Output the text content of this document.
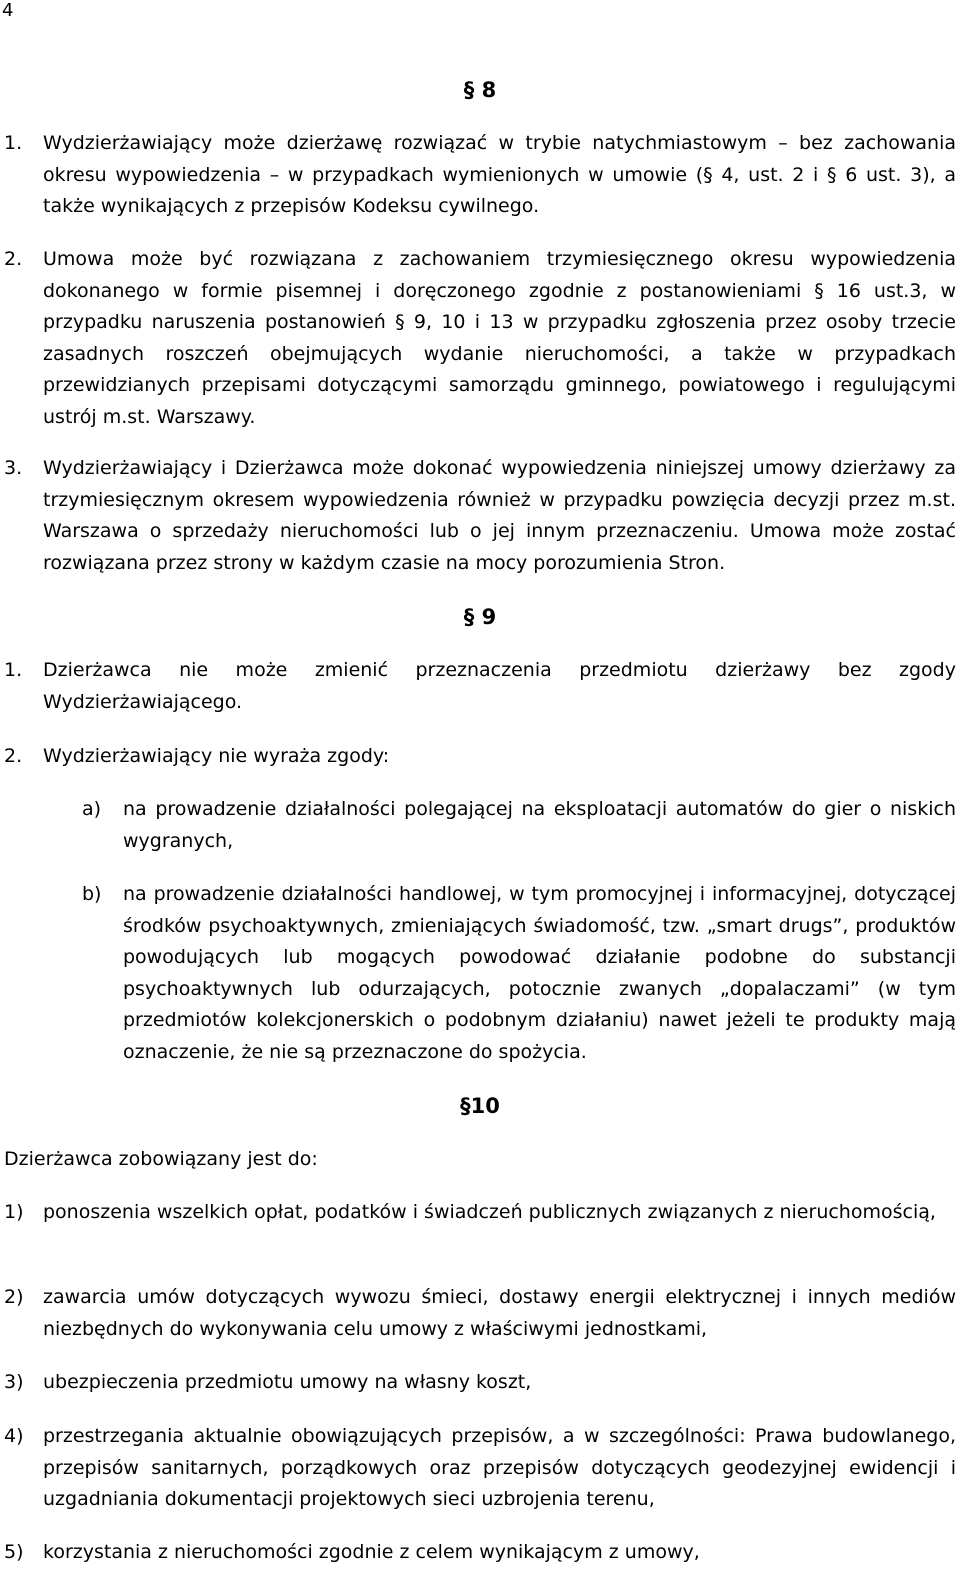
4
§ 8
1. Wydzierżawiający może dzierżawę rozwiązać w trybie natychmiastowym – bez zachowania okresu wypowiedzenia – w przypadkach wymienionych w umowie (§ 4, ust. 2 i § 6 ust. 3), a także wynikających z przepisów Kodeksu cywilnego.
2. Umowa może być rozwiązana z zachowaniem trzymiesięcznego okresu wypowiedzenia dokonanego w formie pisemnej i doręczonego zgodnie z postanowieniami § 16 ust.3, w przypadku naruszenia postanowień § 9, 10 i 13 w przypadku zgłoszenia przez osoby trzecie zasadnych roszczeń obejmujących wydanie nieruchomości, a także w przypadkach przewidzianych przepisami dotyczącymi samorządu gminnego, powiatowego i regulującymi ustrój m.st. Warszawy.
3. Wydzierżawiający i Dzierżawca może dokonać wypowiedzenia niniejszej umowy dzierżawy za trzymiesięcznym okresem wypowiedzenia również w przypadku powzięcia decyzji przez m.st. Warszawa o sprzedaży nieruchomości lub o jej innym przeznaczeniu. Umowa może zostać rozwiązana przez strony w każdym czasie na mocy porozumienia Stron.
§ 9
1. Dzierżawca nie może zmienić przeznaczenia przedmiotu dzierżawy bez zgody Wydzierżawiającego.
2. Wydzierżawiający nie wyraża zgody:
a) na prowadzenie działalności polegającej na eksploatacji automatów do gier o niskich wygranych,
b) na prowadzenie działalności handlowej, w tym promocyjnej i informacyjnej, dotyczącej środków psychoaktywnych, zmieniających świadomość, tzw. „smart drugs”, produktów powodujących lub mogących powodować działanie podobne do substancji psychoaktywnych lub odurzających, potocznie zwanych „dopalaczami” (w tym przedmiotów kolekcjonerskich o podobnym działaniu) nawet jeżeli te produkty mają oznaczenie, że nie są przeznaczone do spożycia.
§10
Dzierżawca zobowiązany jest do:
1) ponoszenia wszelkich opłat, podatków i świadczeń publicznych związanych z nieruchomością,
2) zawarcia umów dotyczących wywozu śmieci, dostawy energii elektrycznej i innych mediów niezbędnych do wykonywania celu umowy z właściwymi jednostkami,
3) ubezpieczenia przedmiotu umowy na własny koszt,
4) przestrzegania aktualnie obowiązujących przepisów, a w szczególności: Prawa budowlanego, przepisów sanitarnych, porządkowych oraz przepisów dotyczących geodezyjnej ewidencji i uzgadniania dokumentacji projektowych sieci uzbrojenia terenu,
5) korzystania z nieruchomości zgodnie z celem wynikającym z umowy,
